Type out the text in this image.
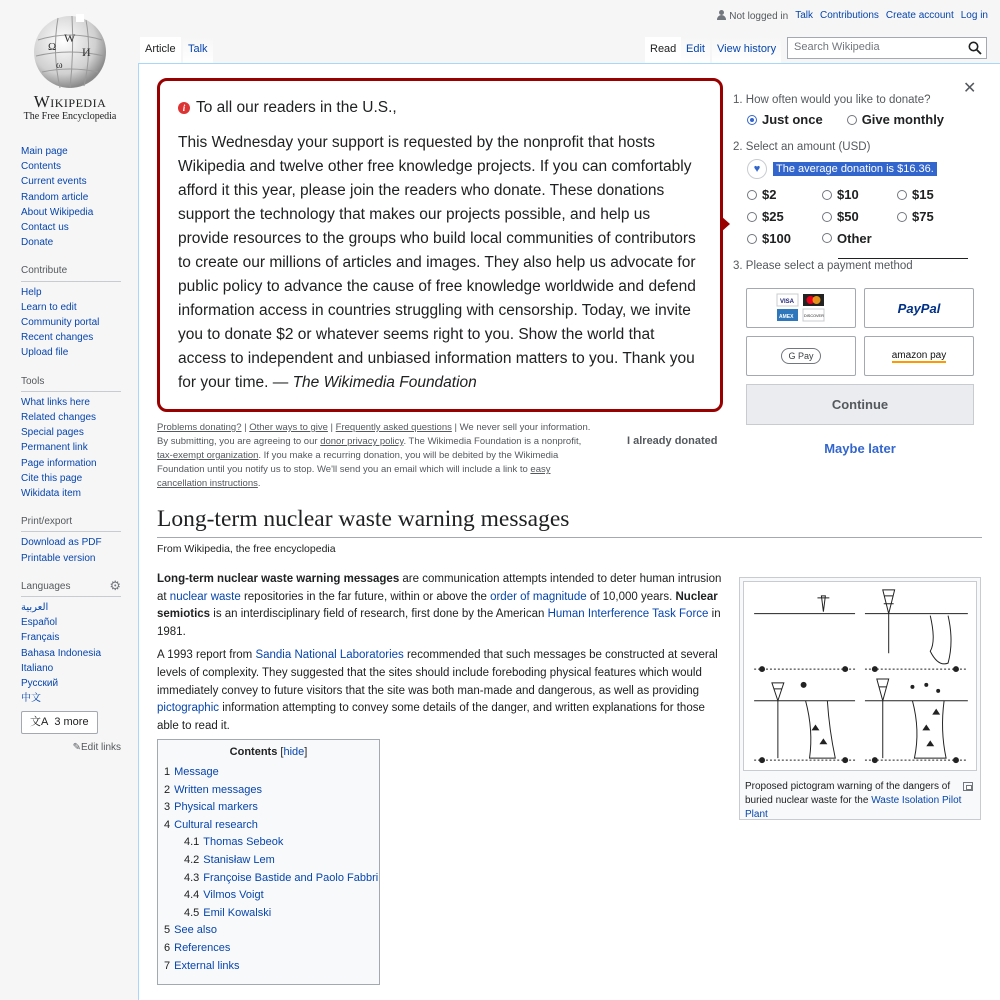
Ω
W
И
ω
Wikipedia
The Free Encyclopedia
Not logged in Talk Contributions Create account Log in
Article	Talk	Read Edit	View history	Search Wikipedia
Main page
Contents
Current events
Random article
About Wikipedia
Contact us
Donate
Contribute
Help
Learn to edit
Community portal
Recent changes
Upload file
Tools
What links here
Related changes
Special pages
Permanent link
Page information
Cite this page
Wikidata item
Print/export
Download as PDF
Printable version
Languages	⚙
العربية
Español
Français
Bahasa Indonesia
Italiano
Русский
中文
文A 3 more
✎Edit links
i To all our readers in the U.S.,
This Wednesday your support is requested by the nonprofit that hosts Wikipedia and twelve other free knowledge projects. If you can comfortably afford it this year, please join the readers who donate. These donations support the technology that makes our projects possible, and help us provide resources to the groups who build local communities of contributors to create our millions of articles and images. They also help us advocate for public policy to advance the cause of free knowledge worldwide and defend information access in countries struggling with censorship. Today, we invite you to donate $2 or whatever seems right to you. Show the world that access to independent and unbiased information matters to you. Thank you for your time. — The Wikimedia Foundation
Problems donating? | Other ways to give | Frequently asked questions | We never sell your information. By submitting, you are agreeing to our donor privacy policy. The Wikimedia Foundation is a nonprofit, tax-exempt organization. If you make a recurring donation, you will be debited by the Wikimedia Foundation until you notify us to stop. We'll send you an email which will include a link to easy cancellation instructions.
I already donated
✕
1. How often would you like to donate?
Just once	Give monthly
2. Select an amount (USD)
♥	The average donation is $16.36.
$2	$10	$15
$25	$50	$75
$100	Other
3. Please select a payment method
VISA
AMEX	DISCOVER
PayPal
G Pay	amazon pay
Continue
Maybe later
Long-term nuclear waste warning messages
From Wikipedia, the free encyclopedia

Long-term nuclear waste warning messages are communication attempts intended to deter human intrusion at nuclear waste repositories in the far future, within or above the order of magnitude of 10,000 years. Nuclear semiotics is an interdisciplinary field of research, first done by the American Human Interference Task Force in 1981.

A 1993 report from Sandia National Laboratories recommended that such messages be constructed at several levels of complexity. They suggested that the sites should include foreboding physical features which would immediately convey to future visitors that the site was both man-made and dangerous, as well as providing pictographic information attempting to convey some details of the danger, and written explanations for those able to read it.

Proposed pictogram warning of the dangers of buried nuclear waste for the Waste Isolation Pilot Plant
Contents [hide]
1 Message
2 Written messages
3 Physical markers
4 Cultural research
4.1 Thomas Sebeok
4.2 Stanisław Lem
4.3 Françoise Bastide and Paolo Fabbri
4.4 Vilmos Voigt
4.5 Emil Kowalski
5 See also
6 References
7 External links
